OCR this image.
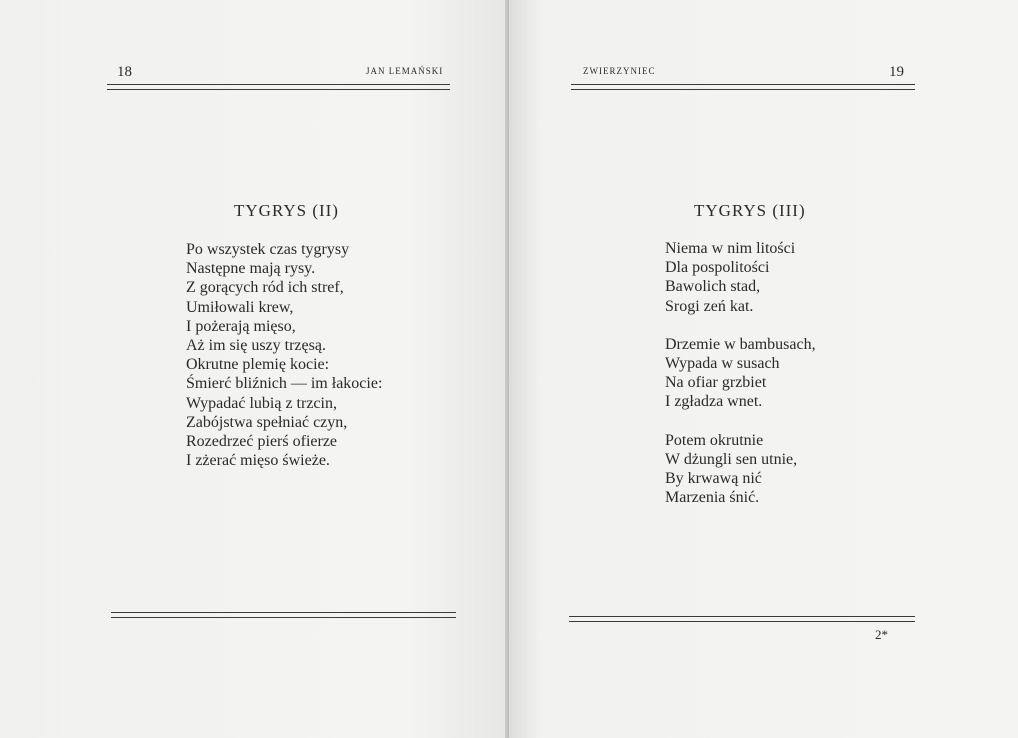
18	JAN LEMAŃSKI
TYGRYS (II)
Po wszystek czas tygrysy
Następne mają rysy.
Z gorących ród ich stref,
Umiłowali krew,
I pożerają mięso,
Aż im się uszy trzęsą.
Okrutne plemię kocie:
Śmierć bliźnich — im łakocie:
Wypadać lubią z trzcin,
Zabójstwa spełniać czyn,
Rozedrzeć pierś ofierze
I zżerać mięso świeże.
ZWIERZYNIEC	19
TYGRYS (III)
Niema w nim litości
Dla pospolitości
Bawolich stad,
Srogi zeń kat.
Drzemie w bambusach,
Wypada w susach
Na ofiar grzbiet
I zgładza wnet.
Potem okrutnie
W dżungli sen utnie,
By krwawą nić
Marzenia śnić.
2*
